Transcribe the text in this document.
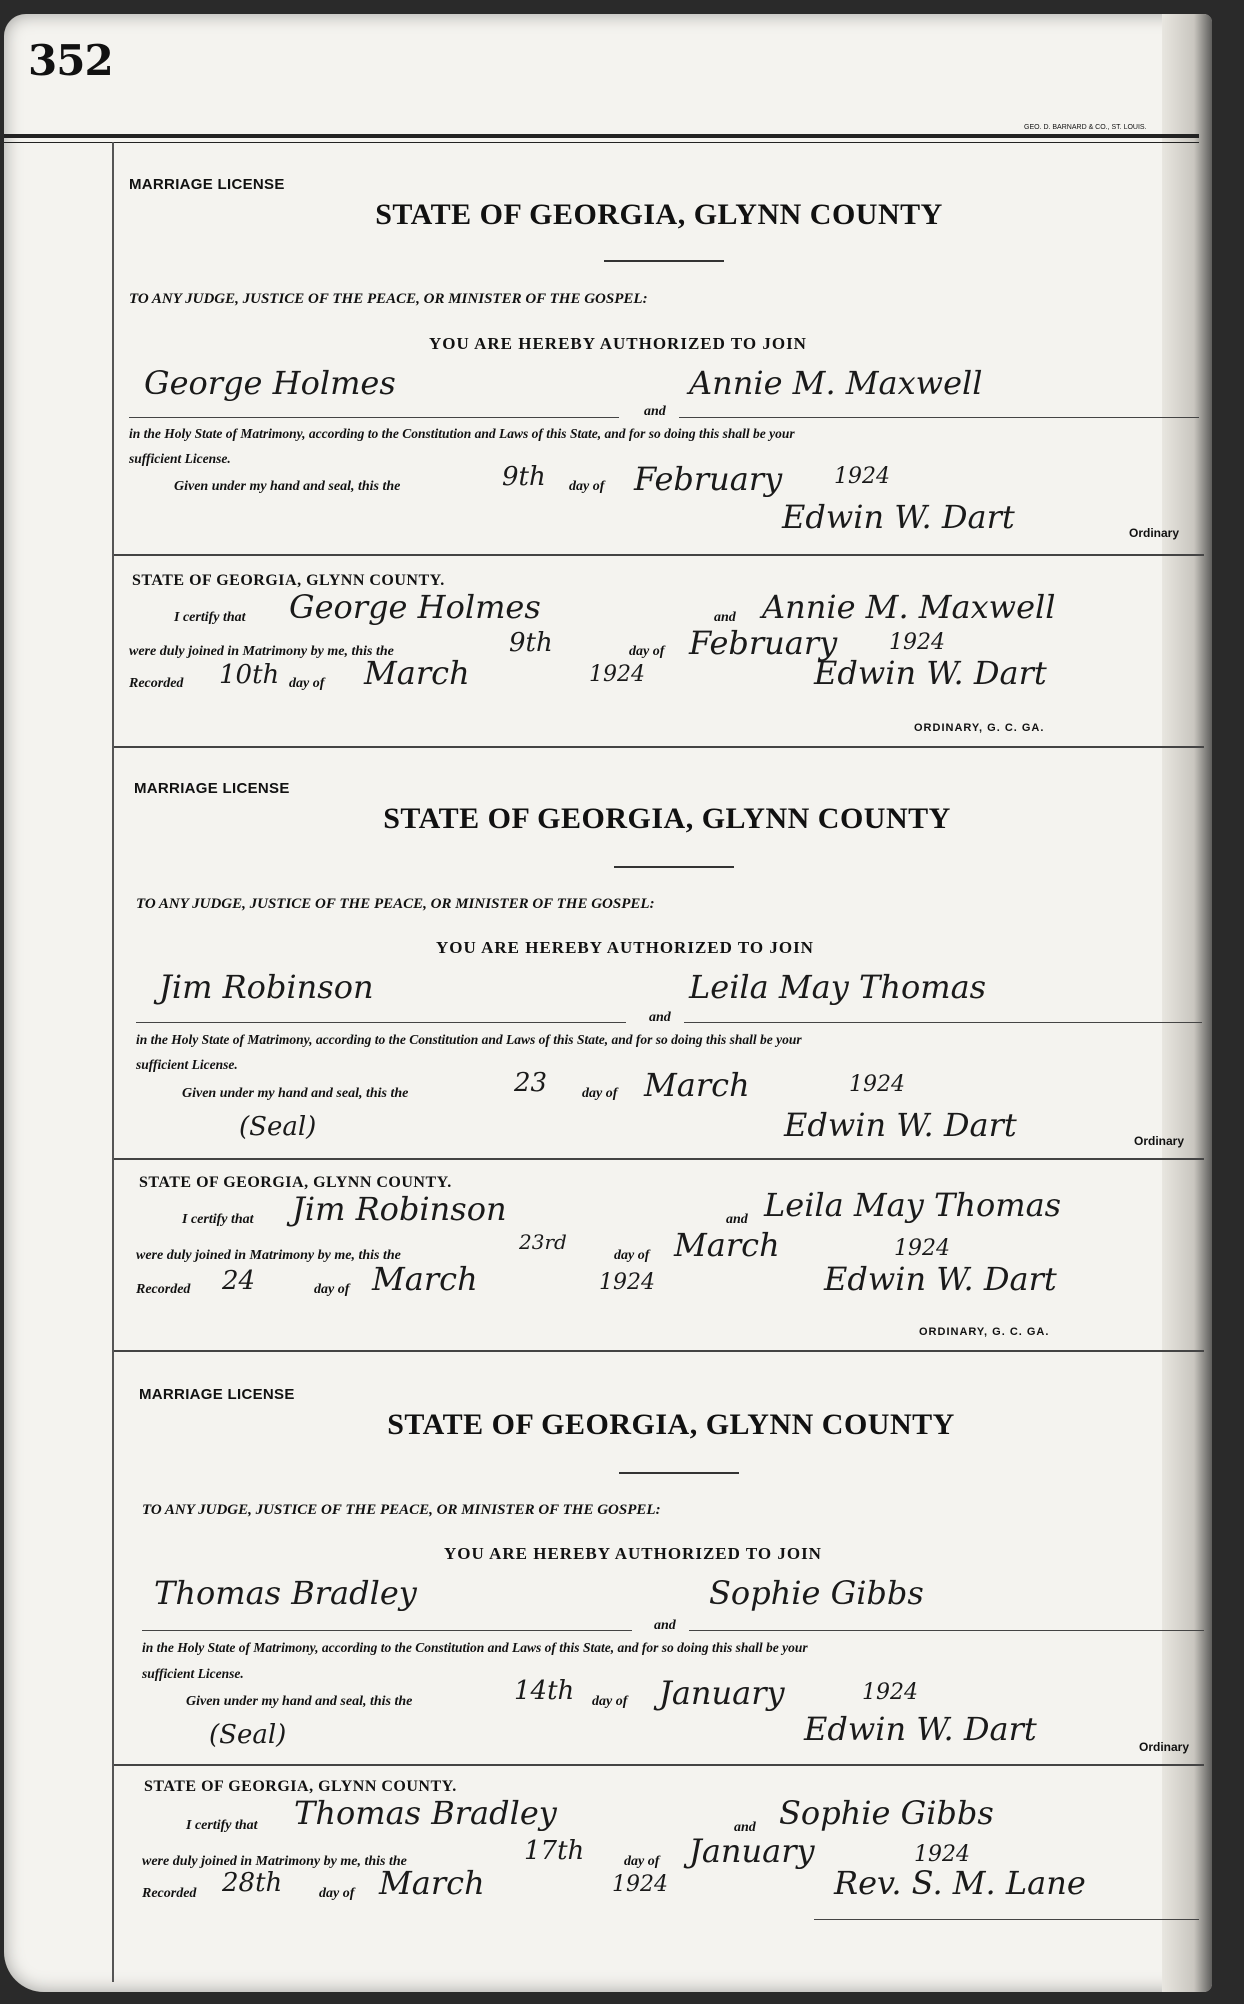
352
GEO. D. BARNARD & CO., ST. LOUIS.
MARRIAGE LICENSE
STATE OF GEORGIA, GLYNN COUNTY
TO ANY JUDGE, JUSTICE OF THE PEACE, OR MINISTER OF THE GOSPEL:
YOU ARE HEREBY AUTHORIZED TO JOIN
George Holmes
and
Annie M. Maxwell
in the Holy State of Matrimony, according to the Constitution and Laws of this State, and for so doing this shall be your
sufficient License.
Given under my hand and seal, this the	9th day of February 1924
Edwin W. Dart	Ordinary
STATE OF GEORGIA, GLYNN COUNTY.
I certify that George Holmes	and Annie M. Maxwell
were duly joined in Matrimony by me, this the	9th	day of February 1924
Recorded 10th day of March	1924	Edwin W. Dart
ORDINARY, G. C. GA.
MARRIAGE LICENSE
STATE OF GEORGIA, GLYNN COUNTY
TO ANY JUDGE, JUSTICE OF THE PEACE, OR MINISTER OF THE GOSPEL:
YOU ARE HEREBY AUTHORIZED TO JOIN
Jim Robinson
and
Leila May Thomas
in the Holy State of Matrimony, according to the Constitution and Laws of this State, and for so doing this shall be your
sufficient License.
Given under my hand and seal, this the	23 day of March	1924
(Seal)	Edwin W. Dart	Ordinary
STATE OF GEORGIA, GLYNN COUNTY.
I certify that Jim Robinson	and Leila May Thomas
were duly joined in Matrimony by me, this the
23rd
day of March	1924
Recorded 24	day of March	1924	Edwin W. Dart
ORDINARY, G. C. GA.
MARRIAGE LICENSE
STATE OF GEORGIA, GLYNN COUNTY
TO ANY JUDGE, JUSTICE OF THE PEACE, OR MINISTER OF THE GOSPEL:
YOU ARE HEREBY AUTHORIZED TO JOIN
Thomas Bradley
and
Sophie Gibbs
in the Holy State of Matrimony, according to the Constitution and Laws of this State, and for so doing this shall be your
sufficient License.
Given under my hand and seal, this the	14th day of January	1924
(Seal)	Edwin W. Dart	Ordinary
STATE OF GEORGIA, GLYNN COUNTY.
I certify that Thomas Bradley	and Sophie Gibbs
were duly joined in Matrimony by me, this the	17th	day of January	1924
Recorded 28th	day of March	1924	Rev. S. M. Lane
